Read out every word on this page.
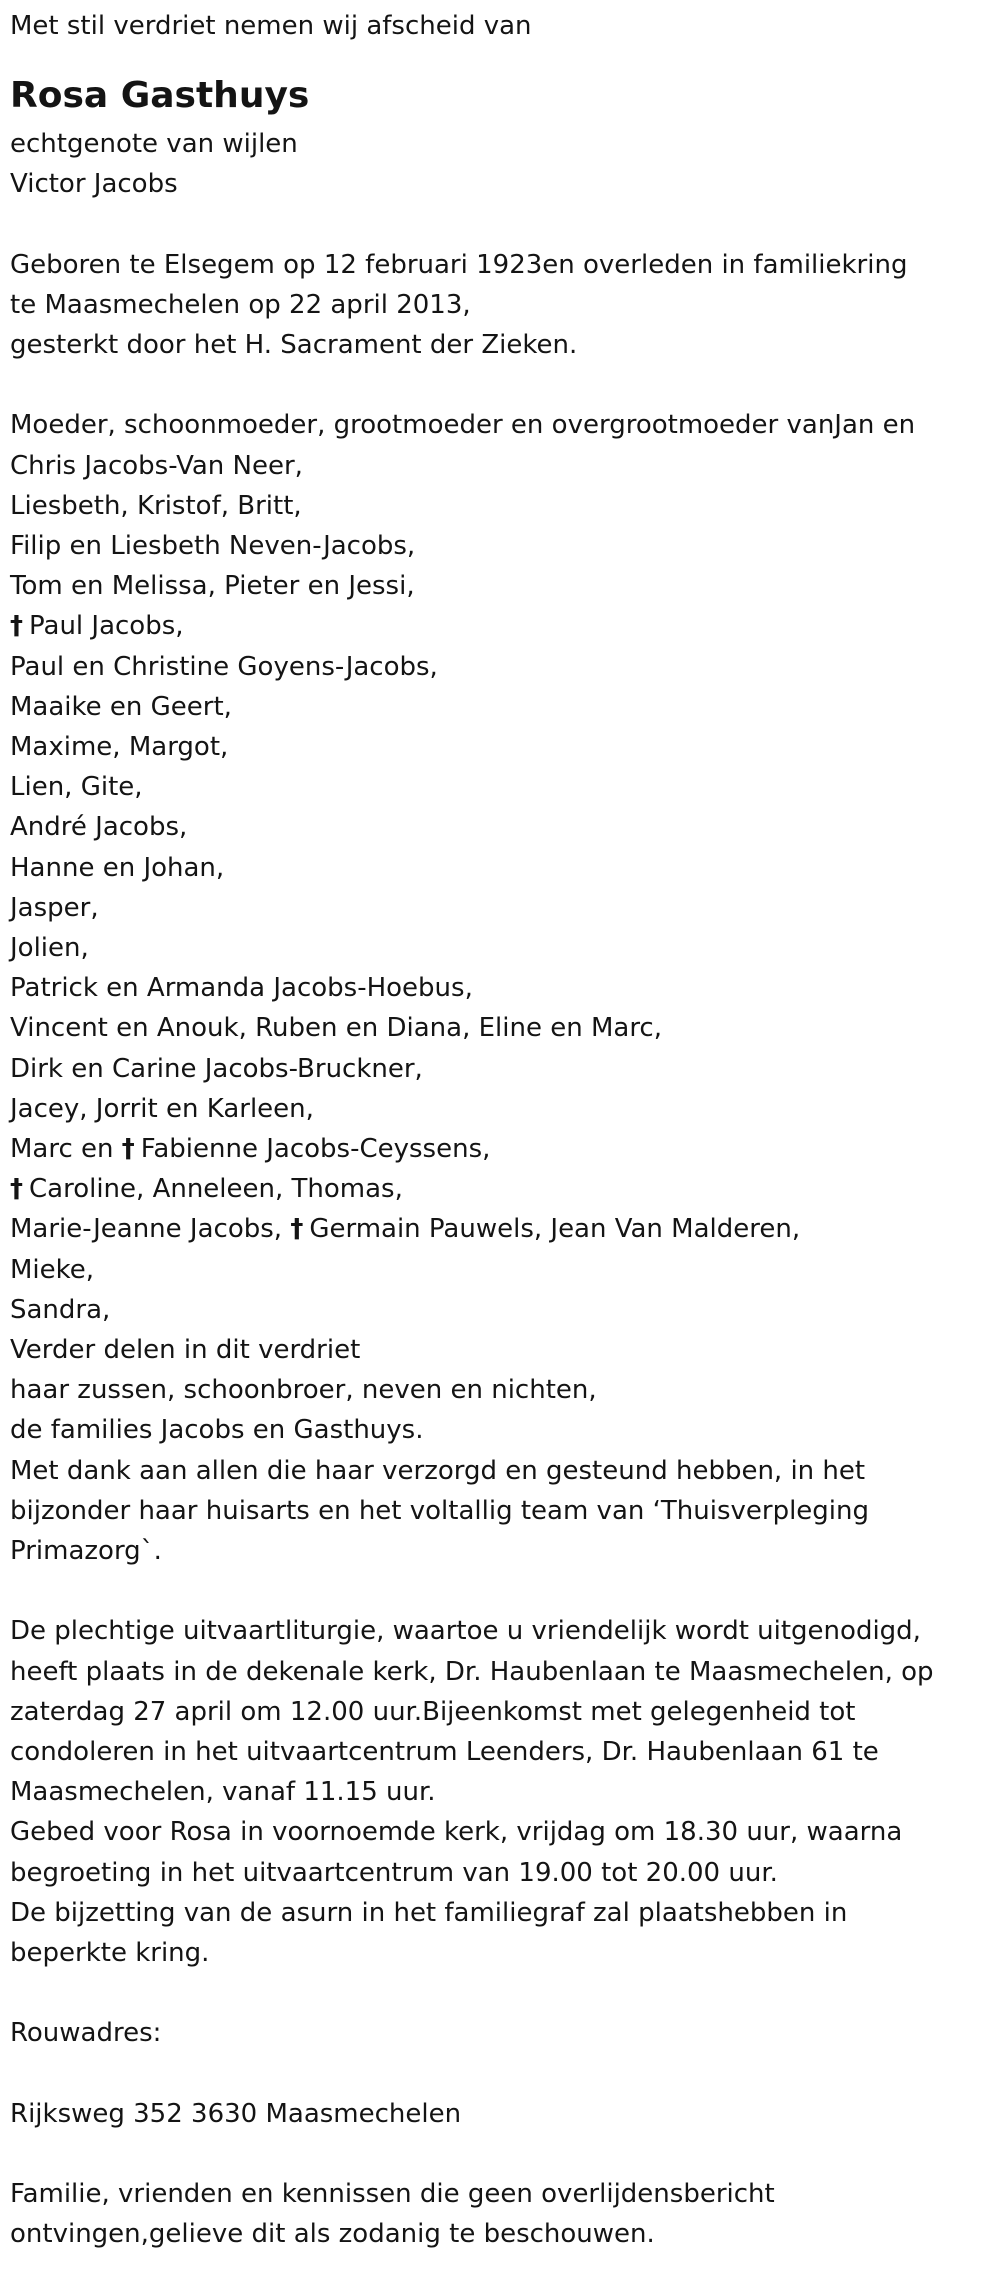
Met stil verdriet nemen wij afscheid van
Rosa Gasthuys
echtgenote van wijlen
Victor Jacobs
Geboren te Elsegem op 12 februari 1923en overleden in familiekring
te Maasmechelen op 22 april 2013,
gesterkt door het H. Sacrament der Zieken.
Moeder, schoonmoeder, grootmoeder en overgrootmoeder vanJan en
Chris Jacobs-Van Neer,
Liesbeth, Kristof, Britt,
Filip en Liesbeth Neven-Jacobs,
Tom en Melissa, Pieter en Jessi,
† Paul Jacobs,
Paul en Christine Goyens-Jacobs,
Maaike en Geert,
Maxime, Margot,
Lien, Gite,
André Jacobs,
Hanne en Johan,
Jasper,
Jolien,
Patrick en Armanda Jacobs-Hoebus,
Vincent en Anouk, Ruben en Diana, Eline en Marc,
Dirk en Carine Jacobs-Bruckner,
Jacey, Jorrit en Karleen,
Marc en † Fabienne Jacobs-Ceyssens,
† Caroline, Anneleen, Thomas,
Marie-Jeanne Jacobs, † Germain Pauwels, Jean Van Malderen,
Mieke,
Sandra,
Verder delen in dit verdriet
haar zussen, schoonbroer, neven en nichten,
de families Jacobs en Gasthuys.
Met dank aan allen die haar verzorgd en gesteund hebben, in het
bijzonder haar huisarts en het voltallig team van ‘Thuisverpleging
Primazorg`.
De plechtige uitvaartliturgie, waartoe u vriendelijk wordt uitgenodigd,
heeft plaats in de dekenale kerk, Dr. Haubenlaan te Maasmechelen, op
zaterdag 27 april om 12.00 uur.Bijeenkomst met gelegenheid tot
condoleren in het uitvaartcentrum Leenders, Dr. Haubenlaan 61 te
Maasmechelen, vanaf 11.15 uur.
Gebed voor Rosa in voornoemde kerk, vrijdag om 18.30 uur, waarna
begroeting in het uitvaartcentrum van 19.00 tot 20.00 uur.
De bijzetting van de asurn in het familiegraf zal plaatshebben in
beperkte kring.
Rouwadres:
Rijksweg 352 3630 Maasmechelen
Familie, vrienden en kennissen die geen overlijdensbericht
ontvingen,gelieve dit als zodanig te beschouwen.
